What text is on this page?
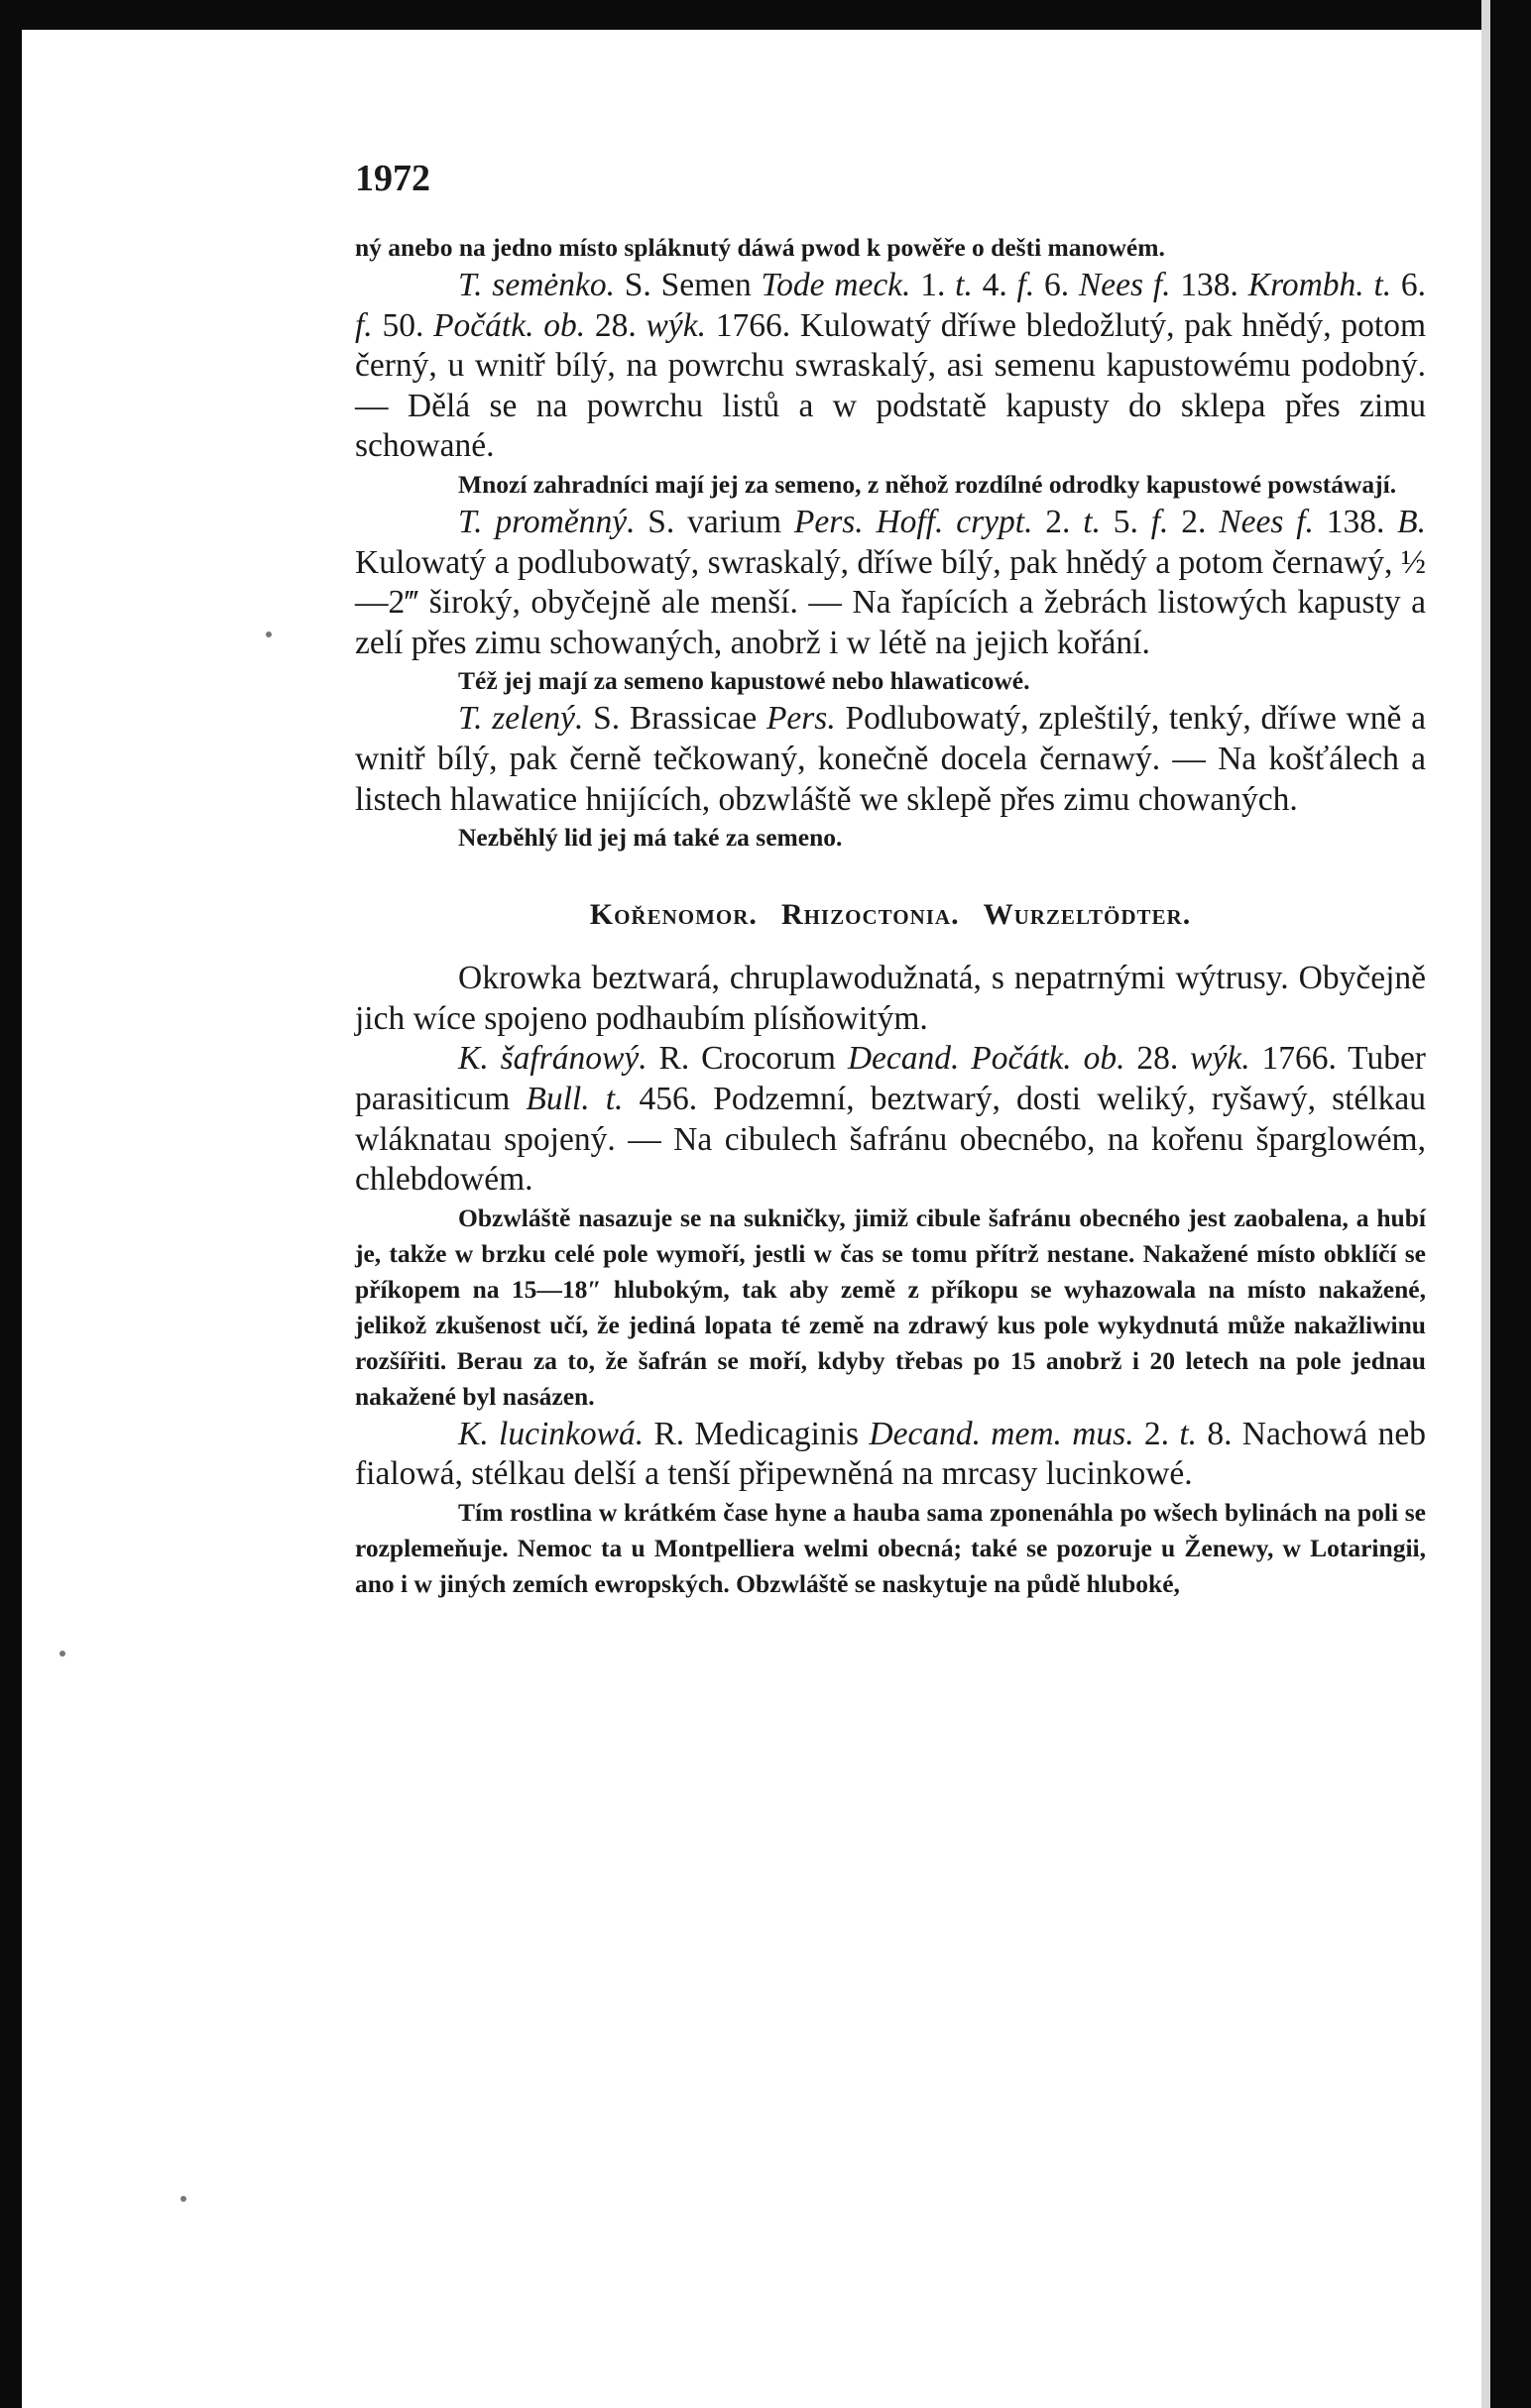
1972

ný anebo na jedno místo spláknutý dáwá pwod k powěře o dešti manowém.

T. semėnko. S. Semen Tode meck. 1. t. 4. f. 6. Nees f. 138. Krombh. t. 6. f. 50. Počátk. ob. 28. wýk. 1766. Kulowatý dříwe bledožlutý, pak hnědý, potom černý, u wnitř bílý, na powrchu swraskalý, asi semenu kapustowému podobný. — Dělá se na powrchu listů a w podstatě kapusty do sklepa přes zimu schowané.

Mnozí zahradníci mají jej za semeno, z něhož rozdílné odrodky kapustowé powstáwají.

T. proměnný. S. varium Pers. Hoff. crypt. 2. t. 5. f. 2. Nees f. 138. B. Kulowatý a podlubowatý, swraskalý, dříwe bílý, pak hnědý a potom černawý, ½—2‴ široký, obyčejně ale menší. — Na řapících a žebrách listowých kapusty a zelí přes zimu schowaných, anobrž i w létě na jejich kořání.

Též jej mají za semeno kapustowé nebo hlawaticowé.

T. zelený. S. Brassicae Pers. Podlubowatý, zpleštilý, tenký, dříwe wně a wnitř bílý, pak černě tečkowaný, konečně docela černawý. — Na košťálech a listech hlawatice hnijících, obzwláště we sklepě přes zimu chowaných.

Nezběhlý lid jej má také za semeno.

Kořenomor. Rhizoctonia. Wurzeltödter.

Okrowka beztwará, chruplawodužnatá, s nepatrnými wýtrusy. Obyčejně jich wíce spojeno podhaubím plísňowitým.

K. šafránowý. R. Crocorum Decand. Počátk. ob. 28. wýk. 1766. Tuber parasiticum Bull. t. 456. Podzemní, beztwarý, dosti weliký, ryšawý, stélkau wláknatau spojený. — Na cibulech šafránu obecnébo, na kořenu šparglowém, chlebdowém.

Obzwláště nasazuje se na sukničky, jimiž cibule šafránu obecného jest zaobalena, a hubí je, takže w brzku celé pole wymoří, jestli w čas se tomu přítrž nestane. Nakažené místo obklíčí se příkopem na 15—18″ hlubokým, tak aby země z příkopu se wyhazowala na místo nakažené, jelikož zkušenost učí, že jediná lopata té země na zdrawý kus pole wykydnutá může nakažliwinu rozšířiti. Berau za to, že šafrán se moří, kdyby třebas po 15 anobrž i 20 letech na pole jednau nakažené byl nasázen.

K. lucinkowá. R. Medicaginis Decand. mem. mus. 2. t. 8. Nachowá neb fialowá, stélkau delší a tenší připewněná na mrcasy lucinkowé.

Tím rostlina w krátkém čase hyne a hauba sama zponenáhla po wšech bylinách na poli se rozplemeňuje. Nemoc ta u Montpelliera welmi obecná; také se pozoruje u Ženewy, w Lotaringii, ano i w jiných zemích ewropských. Obzwláště se naskytuje na půdě hluboké,
